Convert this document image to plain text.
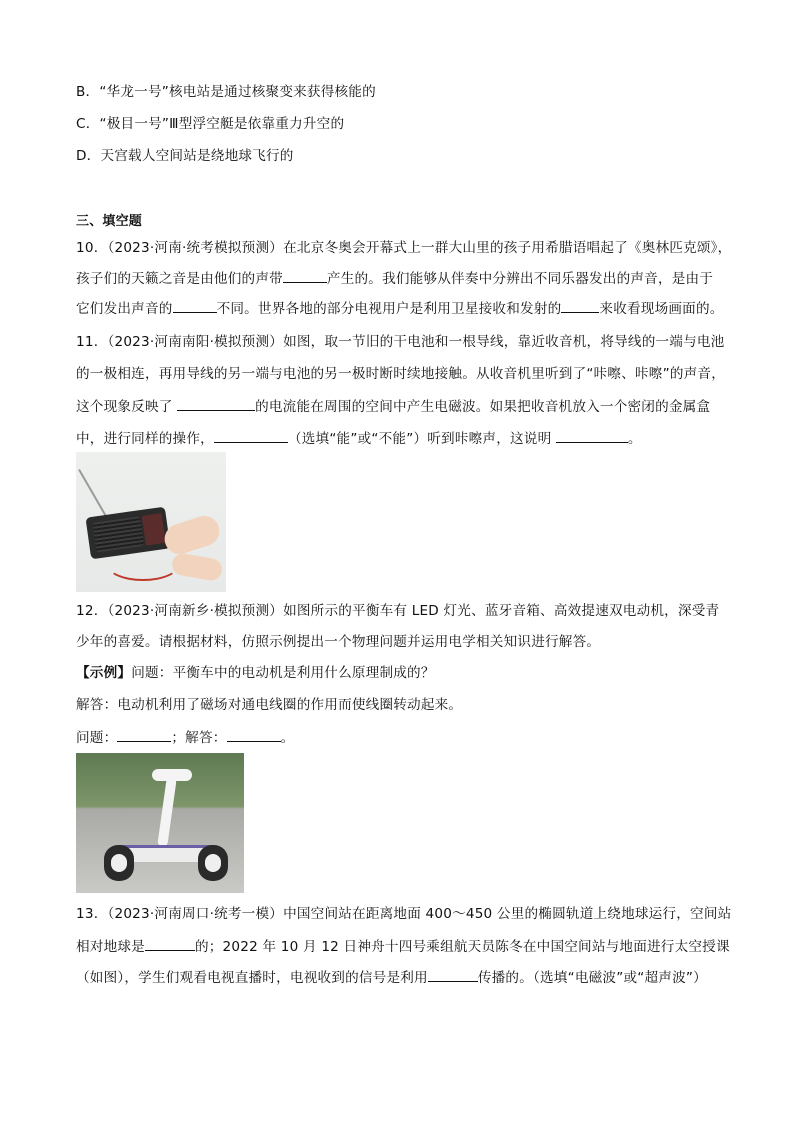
B．“华龙一号”核电站是通过核聚变来获得核能的
C．“极目一号”Ⅲ型浮空艇是依靠重力升空的
D．天宫载人空间站是绕地球飞行的
三、填空题
10．（2023·河南·统考模拟预测）在北京冬奥会开幕式上一群大山里的孩子用希腊语唱起了《奥林匹克颂》，
孩子们的天籁之音是由他们的声带	产生的。我们能够从伴奏中分辨出不同乐器发出的声音，是由于
它们发出声音的	不同。世界各地的部分电视用户是利用卫星接收和发射的	来收看现场画面的。
11．（2023·河南南阳·模拟预测）如图，取一节旧的干电池和一根导线，靠近收音机，将导线的一端与电池
的一极相连，再用导线的另一端与电池的另一极时断时续地接触。从收音机里听到了“咔嚓、咔嚓”的声音，
这个现象反映了	的电流能在周围的空间中产生电磁波。如果把收音机放入一个密闭的金属盒
中，进行同样的操作，	（选填“能”或“不能”）听到咔嚓声，这说明	。
12．（2023·河南新乡·模拟预测）如图所示的平衡车有 LED 灯光、蓝牙音箱、高效提速双电动机，深受青
少年的喜爱。请根据材料，仿照示例提出一个物理问题并运用电学相关知识进行解答。
【示例】问题：平衡车中的电动机是利用什么原理制成的？
解答：电动机利用了磁场对通电线圈的作用而使线圈转动起来。
问题：	；解答：	。
13．（2023·河南周口·统考一模）中国空间站在距离地面 400～450 公里的椭圆轨道上绕地球运行，空间站
相对地球是	的；2022 年 10 月 12 日神舟十四号乘组航天员陈冬在中国空间站与地面进行太空授课
（如图），学生们观看电视直播时，电视收到的信号是利用	传播的。（选填“电磁波”或“超声波”）
